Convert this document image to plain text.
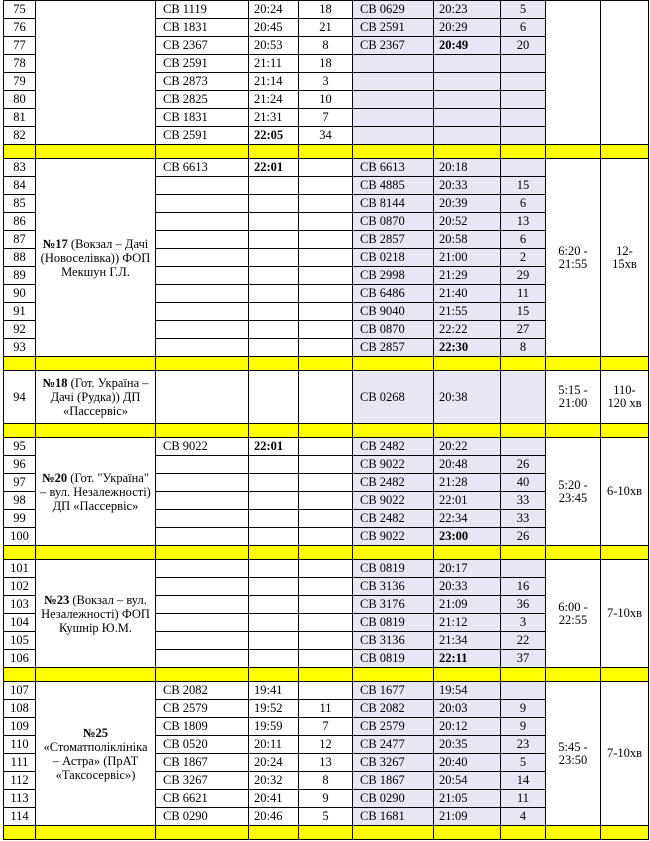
75		СВ 1119	20:24	18	СВ 0629	20:23	5		
76		СВ 1831	20:45	21	СВ 2591	20:29	6		
77		СВ 2367	20:53	8	СВ 2367	20:49	20		
78		СВ 2591	21:11	18					
79		СВ 2873	21:14	3					
80		СВ 2825	21:24	10					
81		СВ 1831	21:31	7					
82		СВ 2591	22:05	34					

83	№17 (Вокзал – Дачі (Новоселівка)) ФОП Мекшун Г.Л.	СВ 6613	22:01		СВ 6613	20:18		6:20 - 21:55	12-15хв
84					СВ 4885	20:33	15		
85					СВ 8144	20:39	6		
86					СВ 0870	20:52	13		
87					СВ 2857	20:58	6		
88					СВ 0218	21:00	2		
89					СВ 2998	21:29	29		
90					СВ 6486	21:40	11		
91					СВ 9040	21:55	15		
92					СВ 0870	22:22	27		
93					СВ 2857	22:30	8		

94	№18 (Гот. Україна – Дачі (Рудка)) ДП «Пассервіс»				СВ 0268	20:38		5:15 - 21:00	110-120 хв

95	№20 (Гот. "Україна" – вул. Незалежності) ДП «Пассервіс»	СВ 9022	22:01		СВ 2482	20:22		5:20 - 23:45	6-10хв
96					СВ 9022	20:48	26		
97					СВ 2482	21:28	40		
98					СВ 9022	22:01	33		
99					СВ 2482	22:34	33		
100					СВ 9022	23:00	26		

101	№23 (Вокзал – вул. Незалежності) ФОП Кушнір Ю.М.				СВ 0819	20:17		6:00 - 22:55	7-10хв
102					СВ 3136	20:33	16		
103					СВ 3176	21:09	36		
104					СВ 0819	21:12	3		
105					СВ 3136	21:34	22		
106					СВ 0819	22:11	37		

107	№25 «Стоматполіклініка – Астра» (ПрАТ «Таксосервіс»)	СВ 2082	19:41		СВ 1677	19:54		5:45 - 23:50	7-10хв
108		СВ 2579	19:52	11	СВ 2082	20:03	9		
109		СВ 1809	19:59	7	СВ 2579	20:12	9		
110		СВ 0520	20:11	12	СВ 2477	20:35	23		
111		СВ 1867	20:24	13	СВ 3267	20:40	5		
112		СВ 3267	20:32	8	СВ 1867	20:54	14		
113		СВ 6621	20:41	9	СВ 0290	21:05	11		
114		СВ 0290	20:46	5	СВ 1681	21:09	4		
